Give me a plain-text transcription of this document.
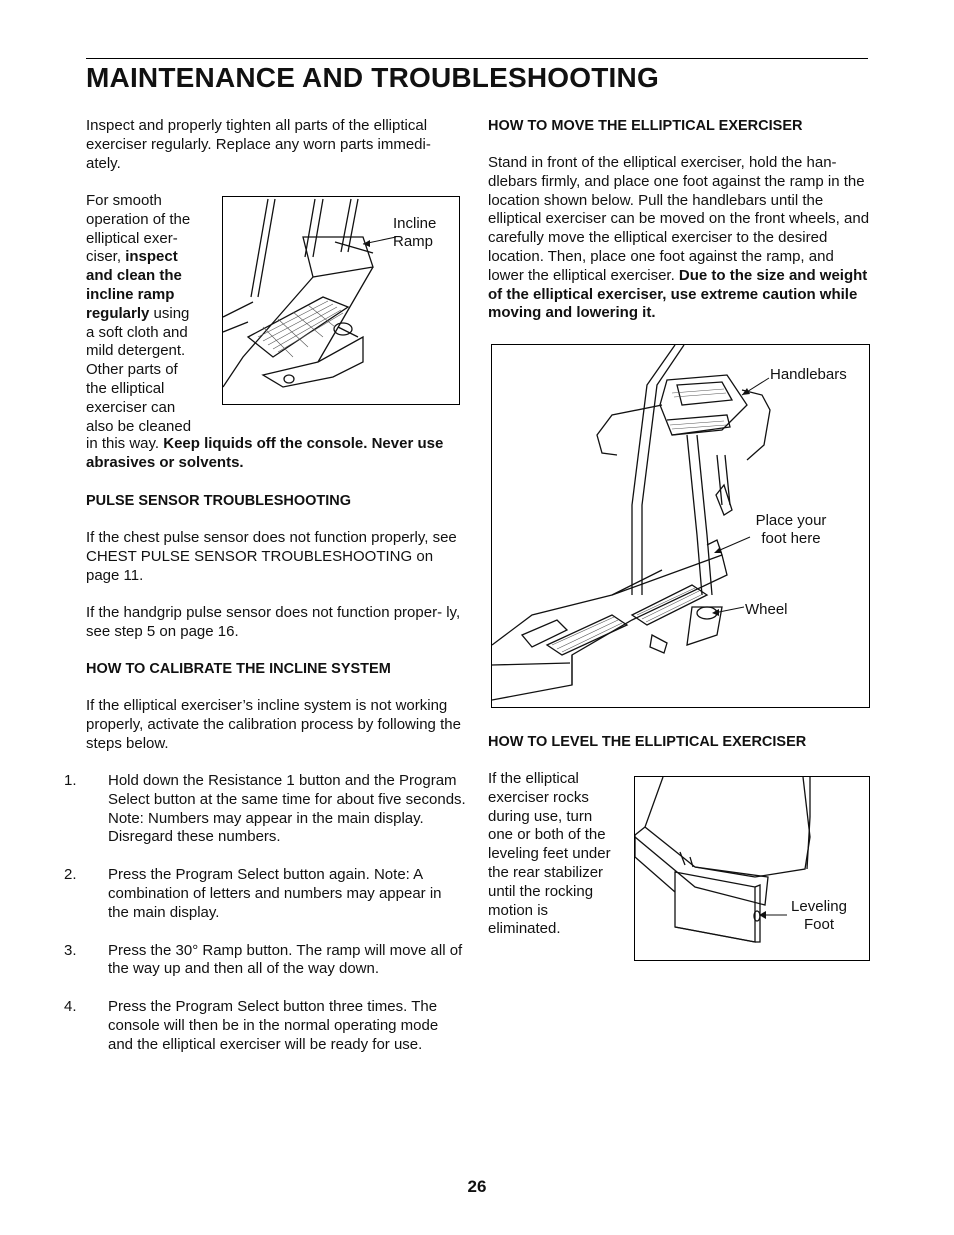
MAINTENANCE AND TROUBLESHOOTING

Inspect and properly tighten all parts of the elliptical exerciser regularly. Replace any worn parts immedi- ately.

For smooth
operation of the
elliptical exer-
ciser, inspect
and clean the
incline ramp
regularly using
a soft cloth and
mild detergent.
Other parts of
the elliptical
exerciser can
also be cleaned

in this way. Keep liquids off the console. Never use abrasives or solvents.

Incline Ramp
PULSE SENSOR TROUBLESHOOTING

If the chest pulse sensor does not function properly, see CHEST PULSE SENSOR TROUBLESHOOTING on page 11.

If the handgrip pulse sensor does not function proper- ly, see step 5 on page 16.

HOW TO CALIBRATE THE INCLINE SYSTEM

If the elliptical exerciser’s incline system is not working properly, activate the calibration process by following the steps below.

1. Hold down the Resistance 1 button and the Program Select button at the same time for about five seconds. Note: Numbers may appear in the main display. Disregard these numbers.

2. Press the Program Select button again. Note: A combination of letters and numbers may appear in the main display.

3. Press the 30° Ramp button. The ramp will move all of the way up and then all of the way down.

4. Press the Program Select button three times. The console will then be in the normal operating mode and the elliptical exerciser will be ready for use.

HOW TO MOVE THE ELLIPTICAL EXERCISER

Stand in front of the elliptical exerciser, hold the han- dlebars firmly, and place one foot against the ramp in the location shown below. Pull the handlebars until the elliptical exerciser can be moved on the front wheels, and carefully move the elliptical exerciser to the desired location. Then, place one foot against the ramp, and lower the elliptical exerciser. Due to the size and weight of the elliptical exerciser, use extreme caution while moving and lowering it.

Handlebars
Place your foot here
Wheel
HOW TO LEVEL THE ELLIPTICAL EXERCISER

If the elliptical exerciser rocks during use, turn one or both of the leveling feet under the rear stabilizer until the rocking motion is eliminated.

Leveling Foot
26
